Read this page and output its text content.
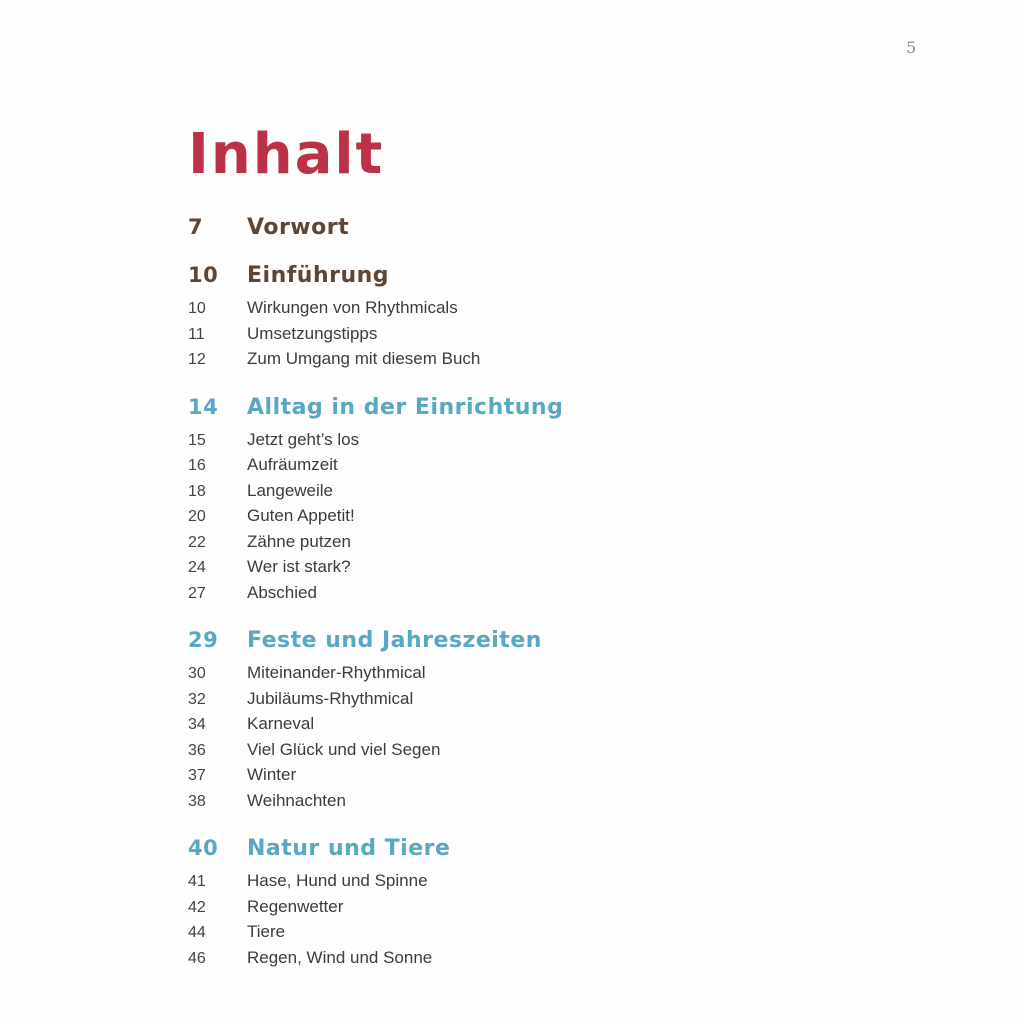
5
Inhalt
7	Vorwort
10	Einführung
10	Wirkungen von Rhythmicals
11	Umsetzungstipps
12	Zum Umgang mit diesem Buch
14	Alltag in der Einrichtung
15	Jetzt geht’s los
16	Aufräumzeit
18	Langeweile
20	Guten Appetit!
22	Zähne putzen
24	Wer ist stark?
27	Abschied
29	Feste und Jahreszeiten
30	Miteinander-Rhythmical
32	Jubiläums-Rhythmical
34	Karneval
36	Viel Glück und viel Segen
37	Winter
38	Weihnachten
40	Natur und Tiere
41	Hase, Hund und Spinne
42	Regenwetter
44	Tiere
46	Regen, Wind und Sonne
